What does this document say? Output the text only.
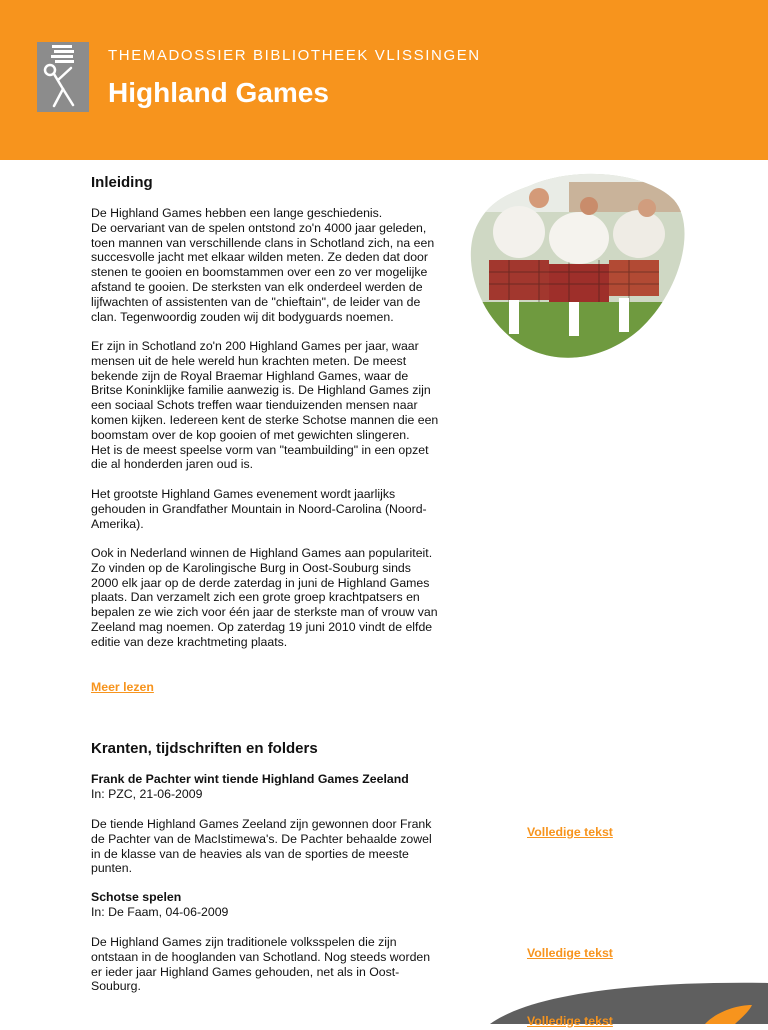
THEMADOSSIER BIBLIOTHEEK VLISSINGEN
Highland Games
Inleiding

De Highland Games hebben een lange geschiedenis.
De oervariant van de spelen ontstond zo'n 4000 jaar geleden,
toen mannen van verschillende clans in Schotland zich, na een
succesvolle jacht met elkaar wilden meten. Ze deden dat door
stenen te gooien en boomstammen over een zo ver mogelijke
afstand te gooien. De sterksten van elk onderdeel werden de
lijfwachten of assistenten van de "chieftain", de leider van de
clan. Tegenwoordig zouden wij dit bodyguards noemen.

Er zijn in Schotland zo'n 200 Highland Games per jaar, waar
mensen uit de hele wereld hun krachten meten. De meest
bekende zijn de Royal Braemar Highland Games, waar de
Britse Koninklijke familie aanwezig is. De Highland Games zijn
een sociaal Schots treffen waar tienduizenden mensen naar
komen kijken. Iedereen kent de sterke Schotse mannen die een
boomstam over de kop gooien of met gewichten slingeren.
Het is de meest speelse vorm van "teambuilding" in een opzet
die al honderden jaren oud is.

Het grootste Highland Games evenement wordt jaarlijks
gehouden in Grandfather Mountain in Noord-Carolina (Noord-
Amerika).

Ook in Nederland winnen de Highland Games aan populariteit.
Zo vinden op de Karolingische Burg in Oost-Souburg sinds
2000 elk jaar op de derde zaterdag in juni de Highland Games
plaats. Dan verzamelt zich een grote groep krachtpatsers en
bepalen ze wie zich voor één jaar de sterkste man of vrouw van
Zeeland mag noemen. Op zaterdag 19 juni 2010 vindt de elfde
editie van deze krachtmeting plaats.

Meer lezen
Kranten, tijdschriften en folders
Frank de Pachter wint tiende Highland Games Zeeland
In: PZC, 21-06-2009

De tiende Highland Games Zeeland zijn gewonnen door Frank
de Pachter van de MacIstimewa's. De Pachter behaalde zowel
in de klasse van de heavies als van de sporties de meeste
punten.

Volledige tekst
Schotse spelen
In: De Faam, 04-06-2009

De Highland Games zijn traditionele volksspelen die zijn
ontstaan in de hooglanden van Schotland. Nog steeds worden
er ieder jaar Highland Games gehouden, net als in Oost-
Souburg.

Volledige tekst
Volledige tekst
